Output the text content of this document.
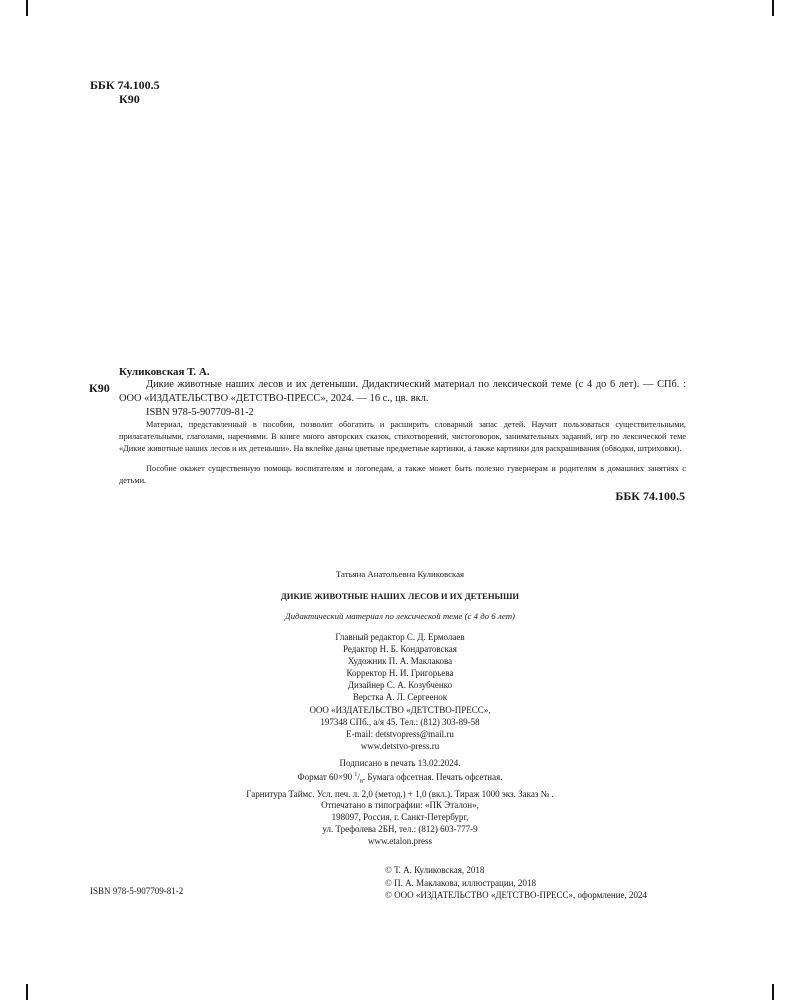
ББК 74.100.5
К90
Куликовская Т. А.
К90	Дикие животные наших лесов и их детеныши. Дидактический материал по лексической теме (с 4 до 6 лет). — СПб. : ООО «ИЗДАТЕЛЬСТВО «ДЕТСТВО-ПРЕСС», 2024. — 16 с., цв. вкл.
ISBN 978-5-907709-81-2
Материал, представленный в пособии, позволит обогатить и расширить словарный запас детей. Научит пользоваться существительными, прилагательными, глаголами, наречиями. В книге много авторских сказок, стихотворений, чистоговорок, занимательных заданий, игр по лексической теме «Дикие животные наших лесов и их детеныши». На вклейке даны цветные предметные картинки, а также картинки для раскрашивания (обводки, штриховки).
Пособие окажет существенную помощь воспитателям и логопедам, а также может быть полезно гувернерам и родителям в домашних занятиях с детьми.
ББК 74.100.5
Татьяна Анатольевна Куликовская
ДИКИЕ ЖИВОТНЫЕ НАШИХ ЛЕСОВ И ИХ ДЕТЕНЫШИ
Дидактический материал по лексической теме (с 4 до 6 лет)
Главный редактор С. Д. Ермолаев
Редактор Н. Б. Кондратовская
Художник П. А. Маклакова
Корректор Н. И. Григорьева
Дизайнер С. А. Козубченко
Верстка А. Л. Сергеенок
ООО «ИЗДАТЕЛЬСТВО «ДЕТСТВО-ПРЕСС»,
197348 СПб., а/я 45. Тел.: (812) 303-89-58
E-mail: detstvopress@mail.ru
www.detstvo-press.ru
Подписано в печать 13.02.2024.
Формат 60×90 $^1/_8$. Бумага офсетная. Печать офсетная.
Гарнитура Таймс. Усл. печ. л. 2,0 (метод.) + 1,0 (вкл.). Тираж 1000 экз. Заказ № .
Отпечатано в типографии: «ПК Эталон»,
198097, Россия, г. Санкт-Петербург,
ул. Трефолева 2БН, тел.: (812) 603-777-9
www.etalon.press
© Т. А. Куликовская, 2018
© П. А. Маклакова, иллюстрации, 2018
© ООО «ИЗДАТЕЛЬСТВО «ДЕТСТВО-ПРЕСС», оформление, 2024
ISBN 978-5-907709-81-2
